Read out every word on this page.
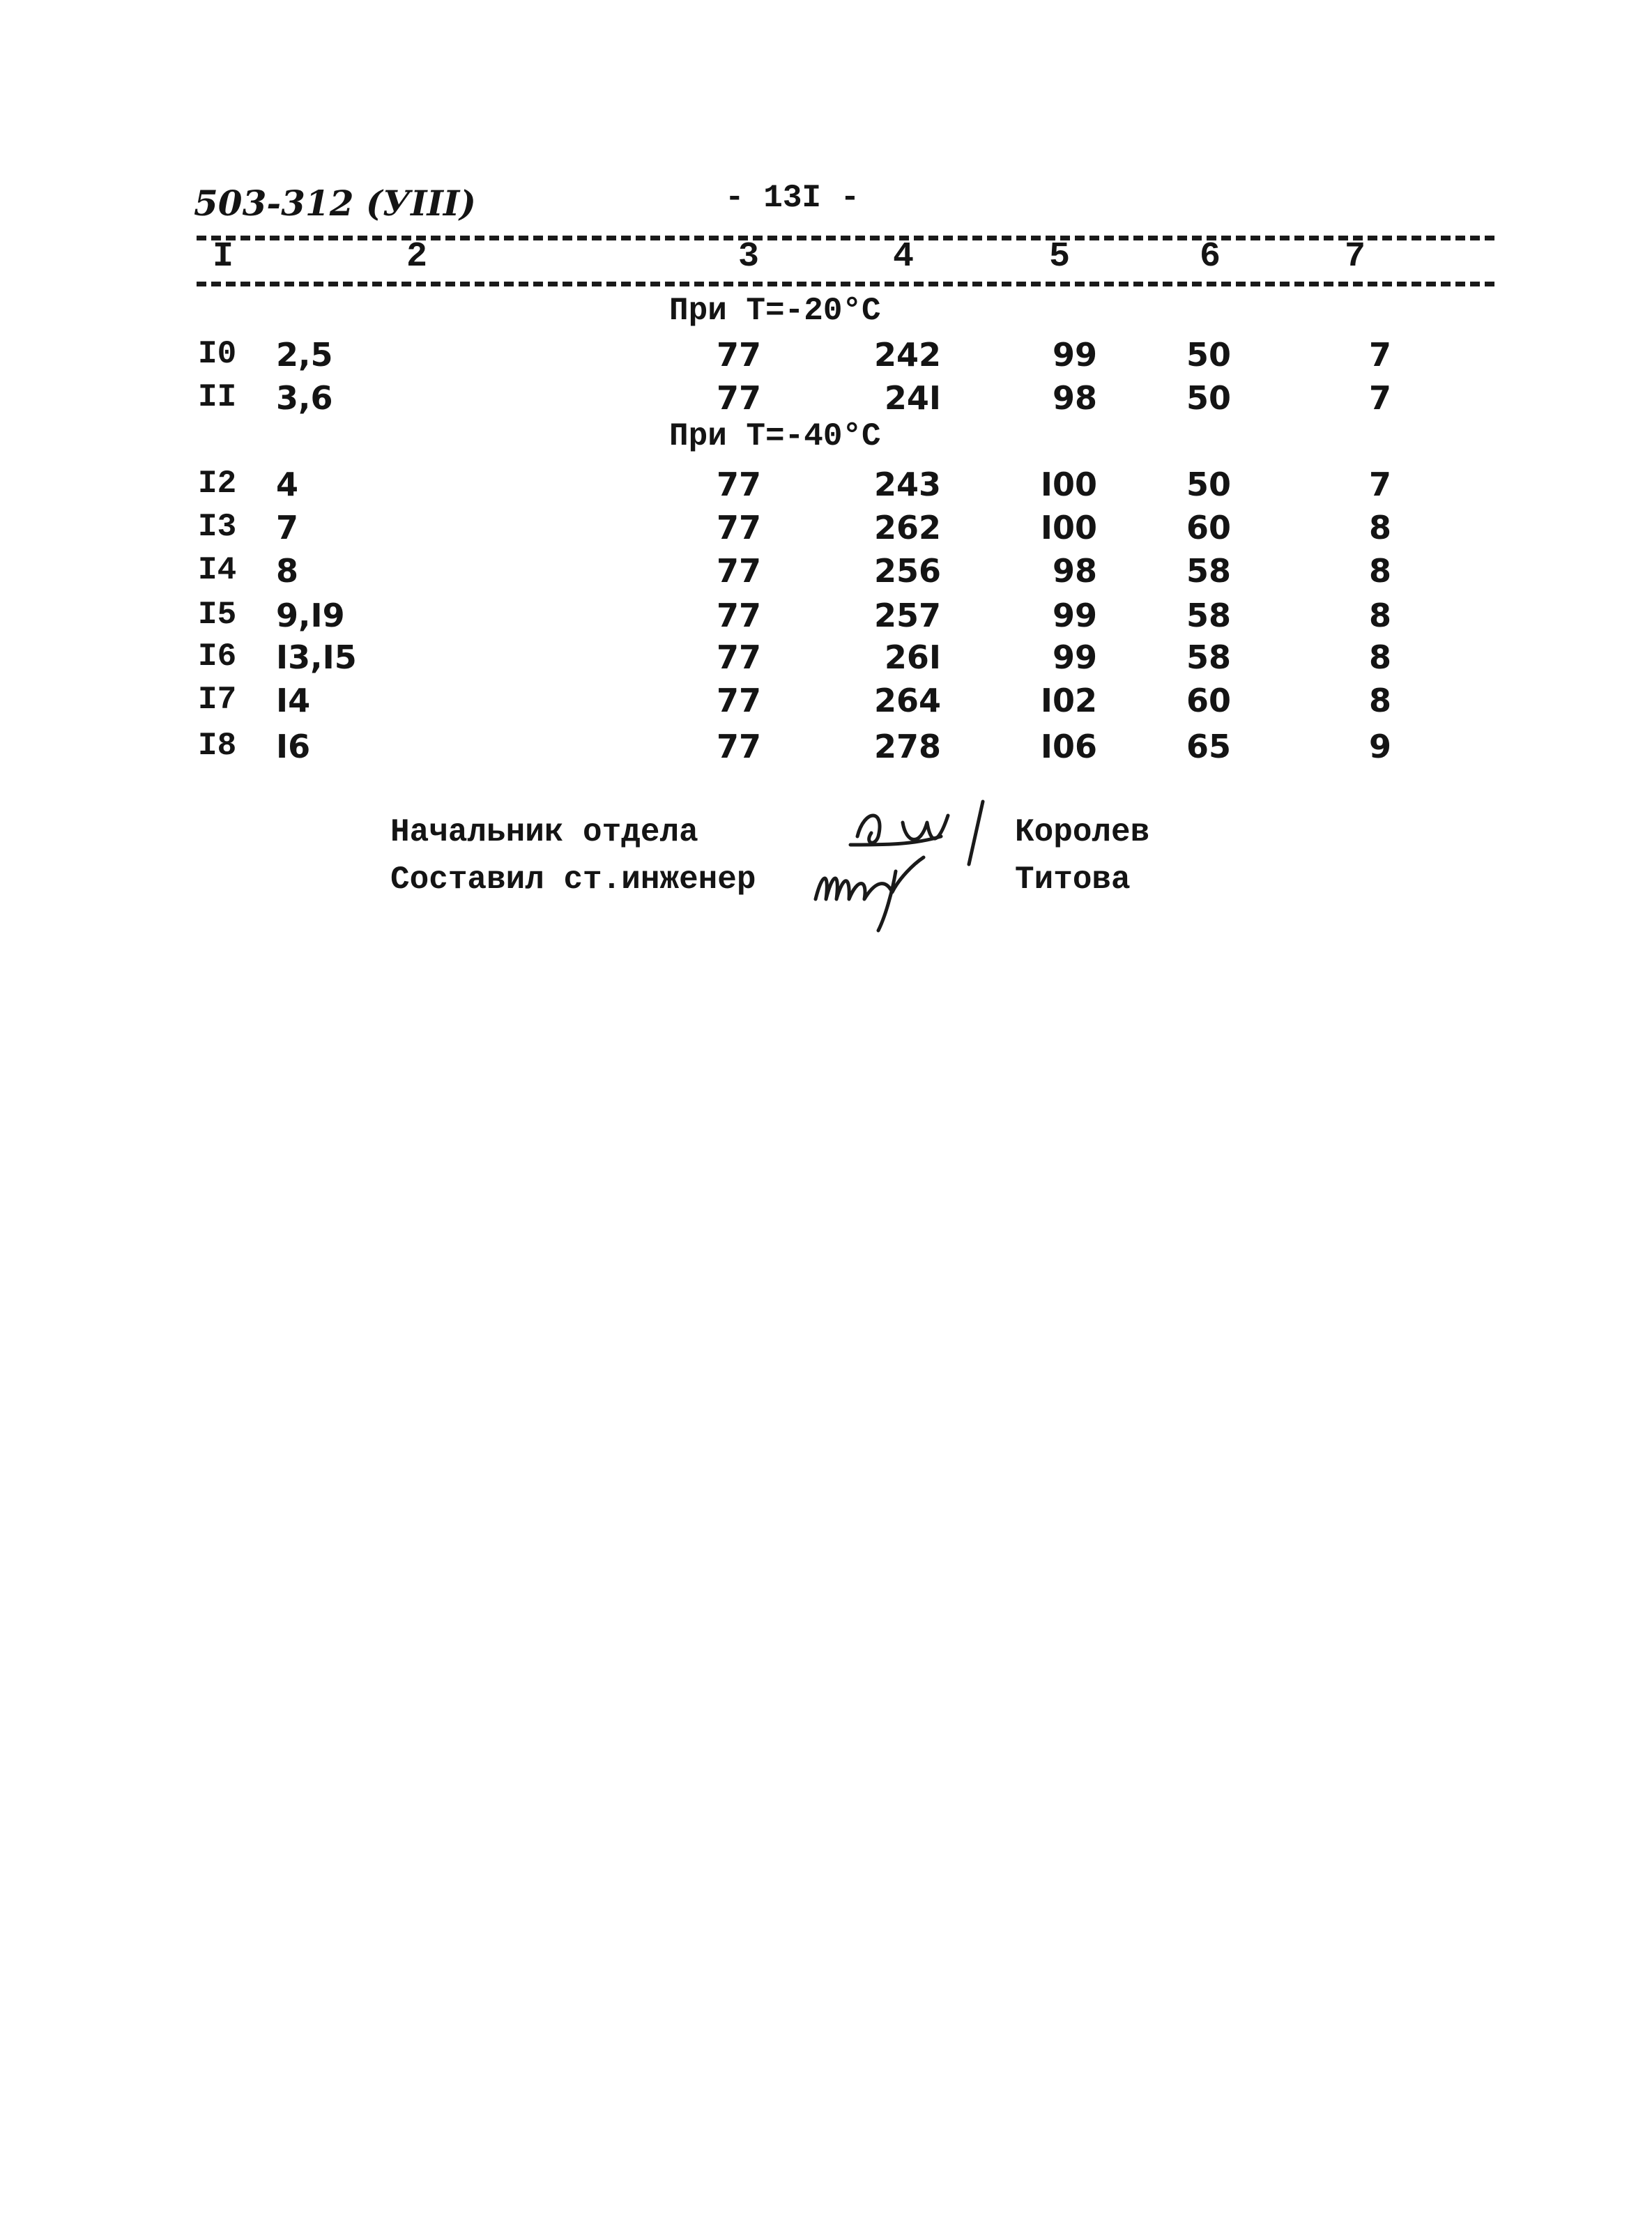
503-312 (УIII)	- 13I -
I	2	3	4	5	6	7
При T=-20°C
I0 2,5	77	242	99	50	7
II 3,6	77	24I	98	50	7
При T=-40°C
I2 4	77	243	I00	50	7
I3 7	77	262	I00	60	8
I4 8	77	256	98	58	8
I5 9,I9	77	257	99	58	8
I6 I3,I5	77	26I	99	58	8
I7 I4	77	264	I02	60	8
I8 I6	77	278	I06	65	9
Начальник отдела
Составил ст.инженер
Королев
Титова
